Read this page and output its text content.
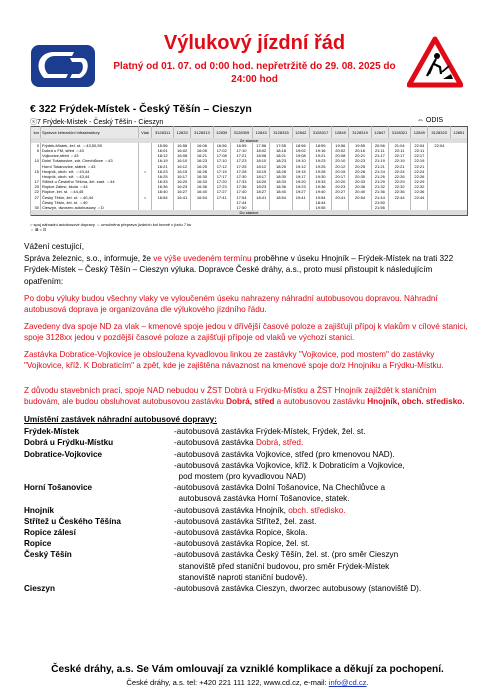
Výlukový jízdní řád
Platný od 01. 07. od 0:00 hod. nepřetržitě do 29. 08. 2025 do
24:00 hod
€ 322 Frýdek-Místek - Český Těšín – Cieszyn
ⓢ7 Frýdek-Místek - Český Těšín - Cieszyn	⇔ ODIS
km	Správce železniční infrastruktury	Vlak	3128311	12833	3128313	12839	3128309	12843	3128315	12842	3128317	12845	3128319	12847	3128321	12849	3128323	12851
Ze stanice																		
0	Frýdek-Místek, žel. st. ⇔43,50,55		15:56	16:56	16:06	16:56	16:55	17:56	17:55	18:56	18:59	19:56	19:55	20:56	21:04	22:04	22:04	
5	Dobrá u FM, střed ⇔43		16:01	16:02	16:05	17:02	17:10	18:02	18:18	19:02	19:16	20:02	20:16	21:11	22:11	22:11		
	Vojkovice,střed ⇔43		16:12	16:08	16:21	17:08	17:21	18:08	18:21	19:08	19:21	20:08	20:21	21:17	22:17	22:17		
10	Dolní Tošanovice, zdr. Chechlůvce ⇔43		16:19	16:10	16:23	17:10	17:23	18:10	18:23	19:10	19:23	20:10	20:23	21:19	22:19	22:19		
	Horní Tošanovice, státek ⇔43		16:21	16:12	16:25	17:12	17:25	18:12	18:25	19:12	19:25	20:12	20:25	21:21	22:21	22:21		
15	Hnojník, obch. stř. ⇔43,44	○	16:23	16:15	16:28	17:15	17:28	18:15	18:28	19:15	19:28	20:15	20:28	21:24	22:24	22:24		
	Hnojník, obch. stř. ⇔43,44		16:25	16:17	16:30	17:17	17:30	18:17	18:30	19:17	19:30	20:17	20:30	21:26	22:26	22:26		
17	Střítež u Českého Těšína, žel. zast. ⇔44		16:33	16:20	16:33	17:20	17:33	18:20	18:33	19:20	19:33	20:20	20:33	21:29	22:29	22:29		
20	Ropice Zálesí, škola ⇔44		16:36	16:23	16:36	17:23	17:36	18:23	18:36	19:23	19:36	20:23	20:36	21:32	22:32	22:32		
22	Ropice, žel. st. ⇔44,45		16:40	16:27	16:40	17:27	17:40	18:27	18:40	19:27	19:40	20:27	20:40	21:36	22:36	22:36		
27	Český Těšín, žel. st. ⇔40,44	○	16:54	16:41	16:54	17:41	17:54	18:41	18:54	19:41	19:54	20:41	20:54	21:44	22:44	22:44		
	Český Těšín, žel. st. ⇔40						17:44				18:44			21:50				
30	Cieszyn, dworzec autobusowy ⇔D						17:50				19:55			21:56				
Do stanice																		
○ spoj náhradní autobusové dopravy ⇔ umožněna přeprava jízdních kol kromě v jízdu 7 ks
⇔ ⊠ = ⊡
Vážení cestující,
Správa železnic, s.o., informuje, že ve výše uvedeném termínu proběhne v úseku Hnojník – Frýdek-Místek na trati 322 Frýdek-Místek – Český Těšín – Cieszyn výluka. Dopravce České dráhy, a.s., proto musí přistoupit k následujícím opatřením:
Po dobu výluky budou všechny vlaky ve vyloučeném úseku nahrazeny náhradní autobusovou dopravou. Náhradní autobusová doprava je organizována dle výlukového jízdního řádu.
Zavedeny dva spoje ND za vlak – kmenové spoje jedou v dřívější časové poloze a zajišťují přípoj k vlakům v cílové stanici, spoje 3128xx jedou v pozdější časové poloze a zajišťují přípoje od vlaků ve výchozí stanici.
Zastávka Dobratice-Vojkovice je obsloužena kyvadlovou linkou ze zastávky "Vojkovice, pod mostem" do zastávky "Vojkovice, kříž. K Dobraticím" a zpět, kde je zajištěna návaznost na kmenové spoje do/z Hnojníku a Frýdku-Místku.
Z důvodu stavebních prací, spoje NAD nebudou v ŽST Dobrá u Frýdku-Místku a ŽST Hnojník zajíždět k staničním budovám, ale budou obsluhovat autobusovou zastávku Dobrá, střed a autobusovou zastávku Hnojník, obch. středisko.
Umístění zastávek náhradní autobusové dopravy:
Frýdek-Místek	-autobusová zastávka Frýdek-Místek, Frýdek, žel. st.
Dobrá u Frýdku-Místku	-autobusová zastávka Dobrá, střed.
Dobratice-Vojkovice	-autobusová zastávka Vojkovice, střed (pro kmenovou NAD).
-autobusová zastávka Vojkovice, kříž. k Dobraticím a Vojkovice,
pod mostem (pro kyvadlovou NAD)
Horní Tošanovice	-autobusová zastávka Dolní Tošanovice, Na Chechlůvce a
autobusová zastávka Horní Tošanovice, statek.
Hnojník	-autobusová zastávka Hnojník, obch. středisko.
Střítež u Českého Těšína	-autobusová zastávka Střítež, žel. zast.
Ropice zálesí	-autobusová zastávka Ropice, škola.
Ropice	-autobusová zastávka Ropice, žel. st.
Český Těšín	-autobusová zastávka Český Těšín, žel. st. (pro směr Cieszyn
stanoviště před staniční budovou, pro směr Frýdek-Místek
stanoviště naproti staniční budově).
Cieszyn	-autobusová zastávka Cieszyn, dworzec autobusowy (stanoviště D).
České dráhy, a.s. Se Vám omlouvají za vzniklé komplikace a děkují za pochopení.
České dráhy, a.s. tel: +420 221 111 122, www.cd.cz, e-mail: info@cd.cz.
